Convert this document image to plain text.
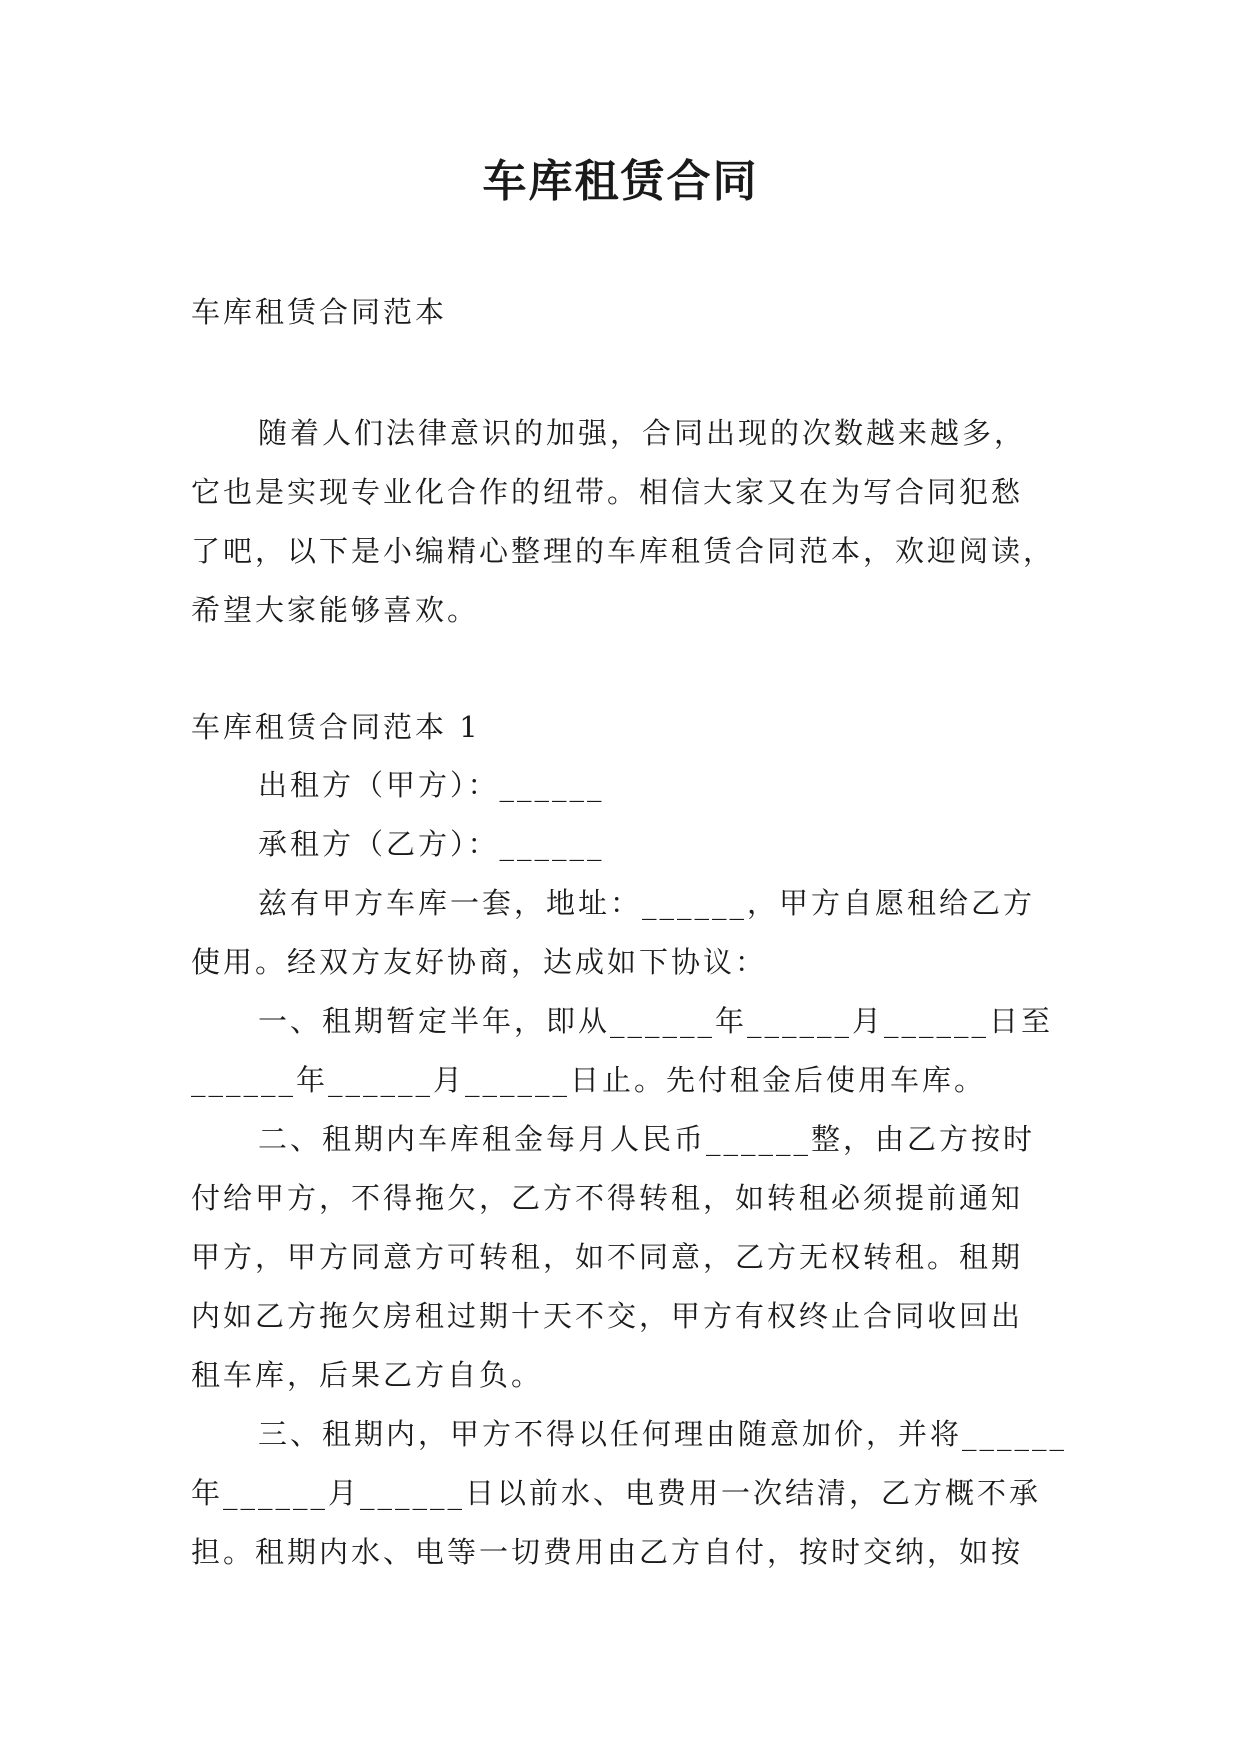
车库租赁合同
车库租赁合同范本
随着人们法律意识的加强，合同出现的次数越来越多，
它也是实现专业化合作的纽带。相信大家又在为写合同犯愁
了吧，以下是小编精心整理的车库租赁合同范本，欢迎阅读，
希望大家能够喜欢。
车库租赁合同范本 1
出租方（甲方）：______
承租方（乙方）：______
兹有甲方车库一套，地址：______，甲方自愿租给乙方
使用。经双方友好协商，达成如下协议：
一、租期暂定半年，即从______年______月______日至
______年______月______日止。先付租金后使用车库。
二、租期内车库租金每月人民币______整，由乙方按时
付给甲方，不得拖欠，乙方不得转租，如转租必须提前通知
甲方，甲方同意方可转租，如不同意，乙方无权转租。租期
内如乙方拖欠房租过期十天不交，甲方有权终止合同收回出
租车库，后果乙方自负。
三、租期内，甲方不得以任何理由随意加价，并将______
年______月______日以前水、电费用一次结清，乙方概不承
担。租期内水、电等一切费用由乙方自付，按时交纳，如按
